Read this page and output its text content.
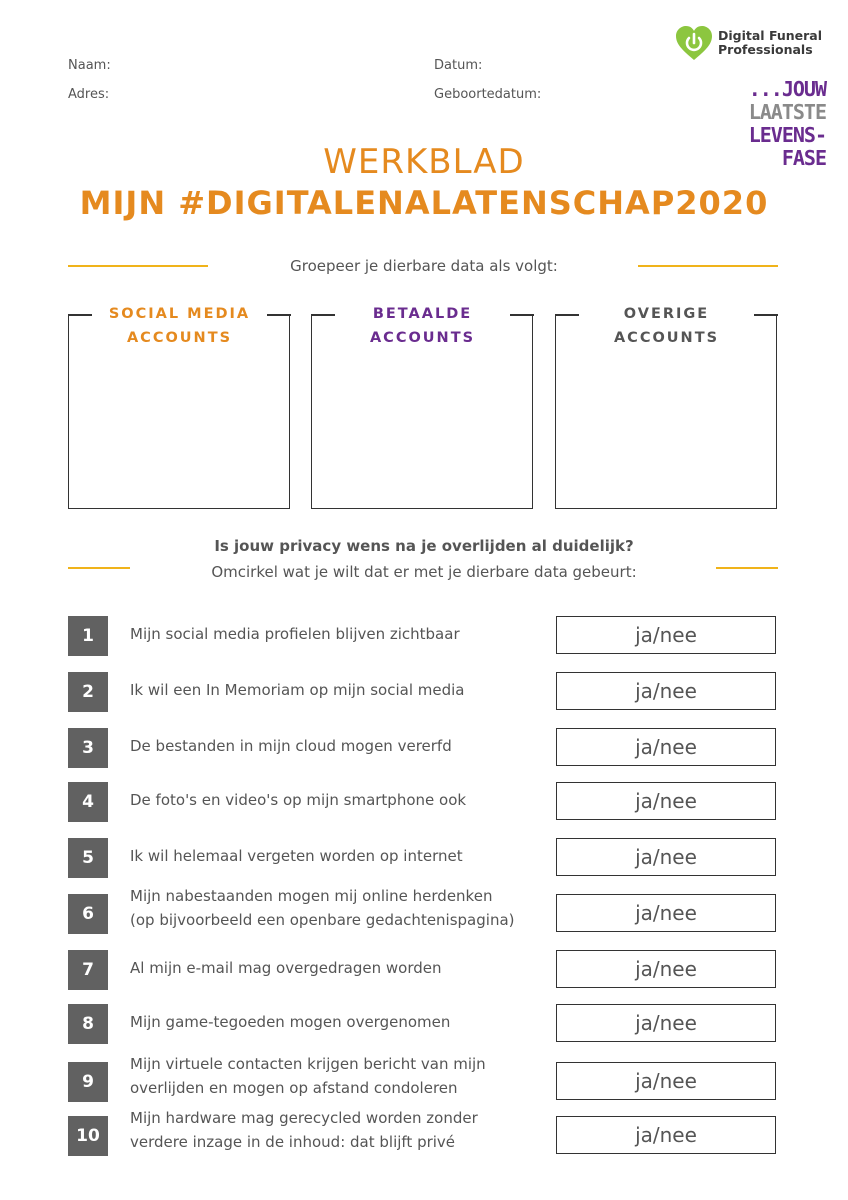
Naam:
Adres:
Datum:
Geboortedatum:
Digital Funeral
Professionals
...JOUW
LAATSTE
LEVENS-
FASE
WERKBLAD
MIJN #DIGITALENALATENSCHAP2020
Groepeer je dierbare data als volgt:
SOCIAL MEDIA
ACCOUNTS
BETAALDE
ACCOUNTS
OVERIGE
ACCOUNTS
Is jouw privacy wens na je overlijden al duidelijk?
Omcirkel wat je wilt dat er met je dierbare data gebeurt:
1	Mijn social media profielen blijven zichtbaar	ja/nee
2	Ik wil een In Memoriam op mijn social media	ja/nee
3	De bestanden in mijn cloud mogen vererfd	ja/nee
4	De foto's en video's op mijn smartphone ook	ja/nee
5	Ik wil helemaal vergeten worden op internet	ja/nee
6
Mijn nabestaanden mogen mij online herdenken
(op bijvoorbeeld een openbare gedachtenispagina)	ja/nee
7	Al mijn e-mail mag overgedragen worden	ja/nee
8	Mijn game-tegoeden mogen overgenomen	ja/nee
9
Mijn virtuele contacten krijgen bericht van mijn
overlijden en mogen op afstand condoleren	ja/nee
10
Mijn hardware mag gerecycled worden zonder
verdere inzage in de inhoud: dat blijft privé	ja/nee
